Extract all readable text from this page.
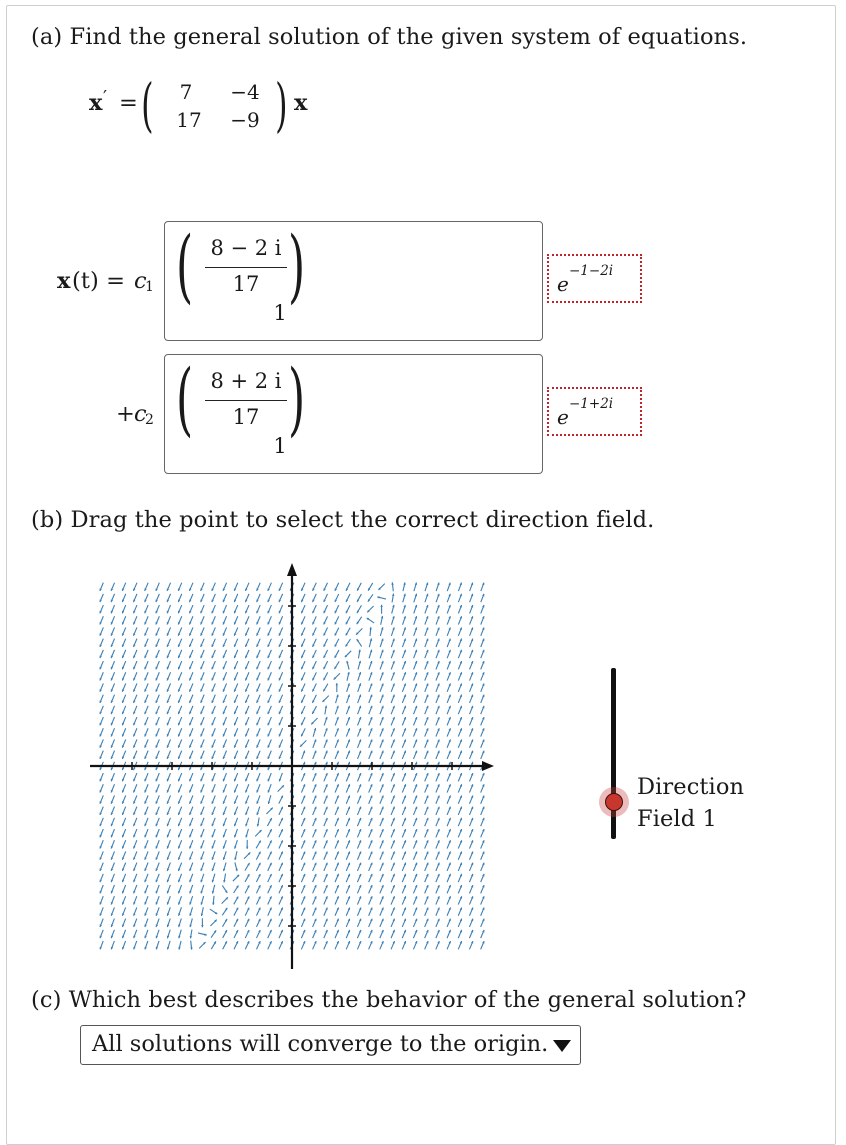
(a) Find the general solution of the given system of equations.
x ′ = (	7	−4
17	−9 ) x
x (t) = c
1 ( 8 − 2 i
17
1
)	e
−1−2i
+ c
2 ( 8 + 2 i
17
1
)	e
−1+2i
(b) Drag the point to select the correct direction field.
Direction
Field 1
(c) Which best describes the behavior of the general solution?
All solutions will converge to the origin.
